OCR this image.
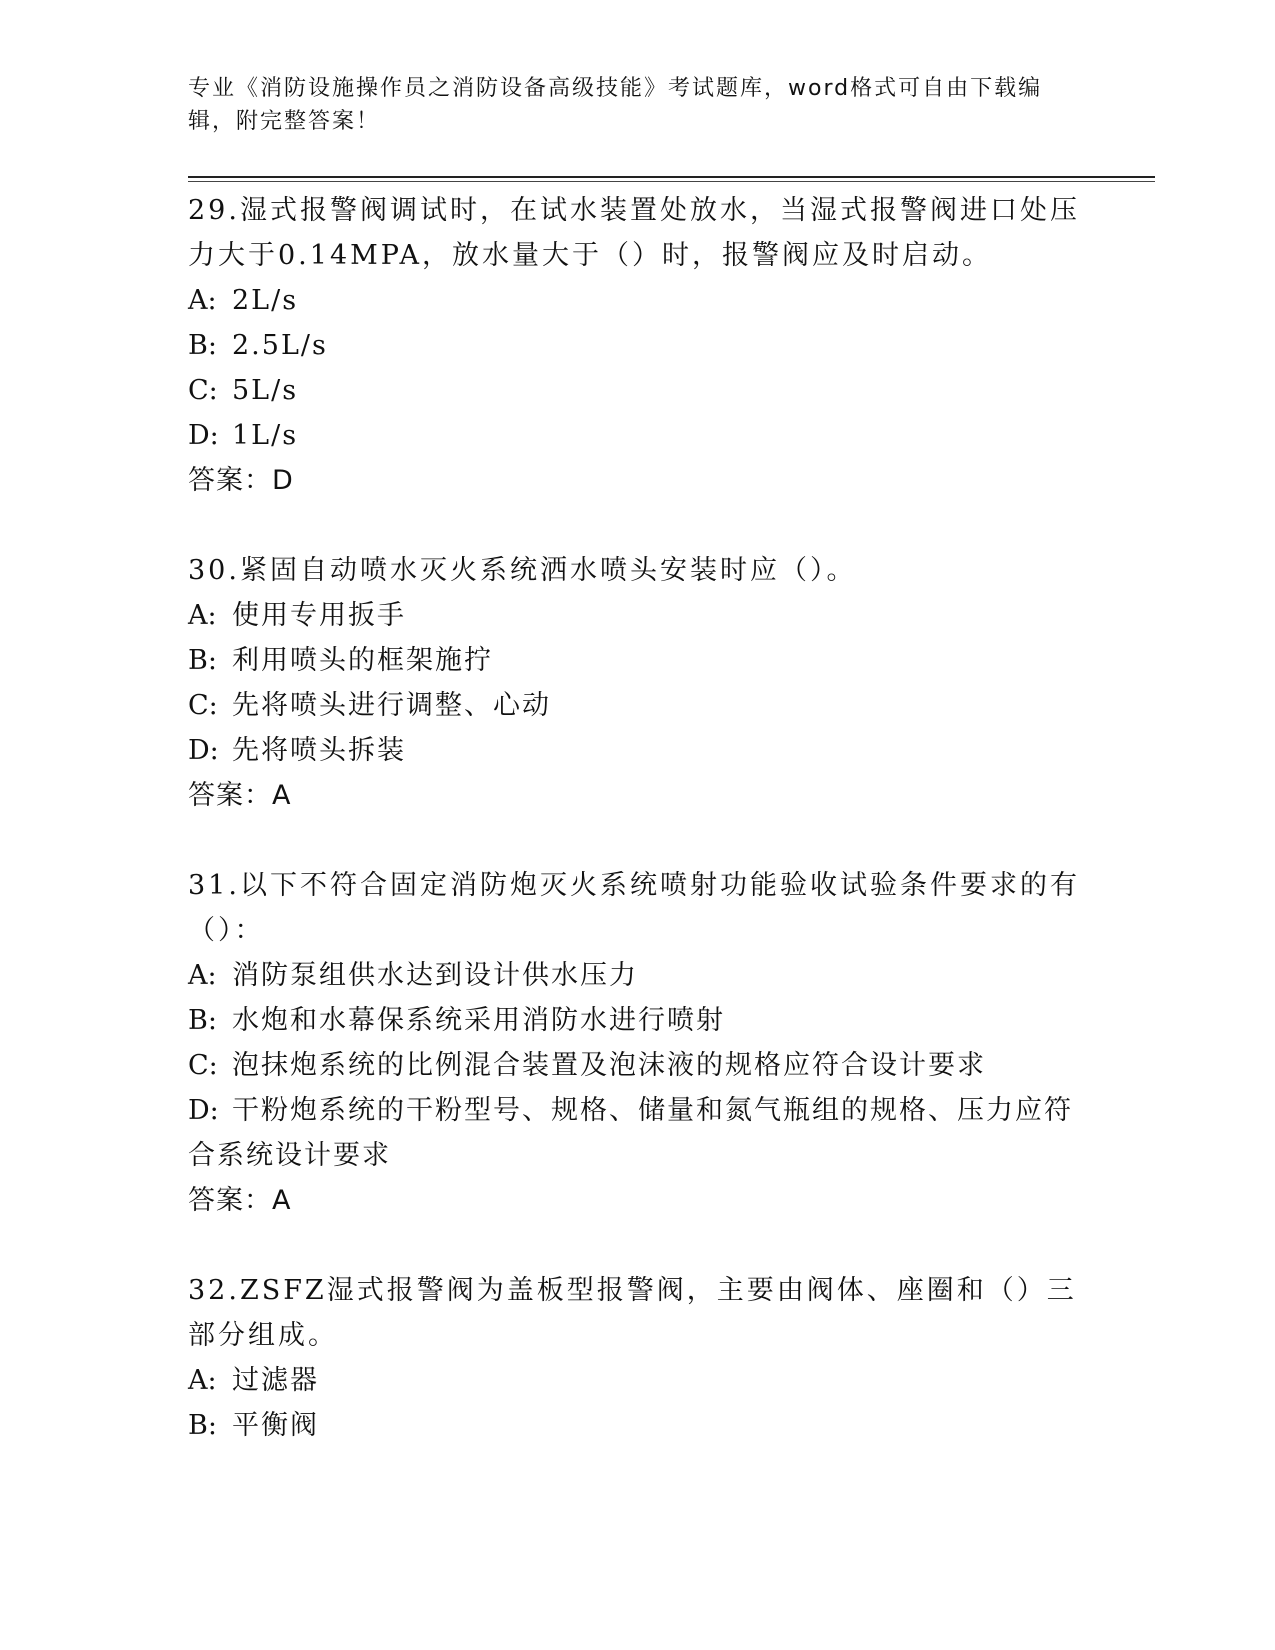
专业《消防设施操作员之消防设备高级技能》考试题库，word格式可自由下载编辑，附完整答案！

29.湿式报警阀调试时，在试水装置处放水，当湿式报警阀进口处压力大于0.14MPA，放水量大于（）时，报警阀应及时启动。

A: 2L/s

B: 2.5L/s

C: 5L/s

D: 1L/s

答案：D

30.紧固自动喷水灭火系统洒水喷头安装时应（）。

A: 使用专用扳手

B: 利用喷头的框架施拧

C: 先将喷头进行调整、心动

D: 先将喷头拆装

答案：A

31.以下不符合固定消防炮灭火系统喷射功能验收试验条件要求的有（）：

A: 消防泵组供水达到设计供水压力

B: 水炮和水幕保系统采用消防水进行喷射

C: 泡抹炮系统的比例混合装置及泡沫液的规格应符合设计要求

D: 干粉炮系统的干粉型号、规格、储量和氮气瓶组的规格、压力应符合系统设计要求

答案：A

32.ZSFZ湿式报警阀为盖板型报警阀，主要由阀体、座圈和（）三部分组成。

A: 过滤器

B: 平衡阀
